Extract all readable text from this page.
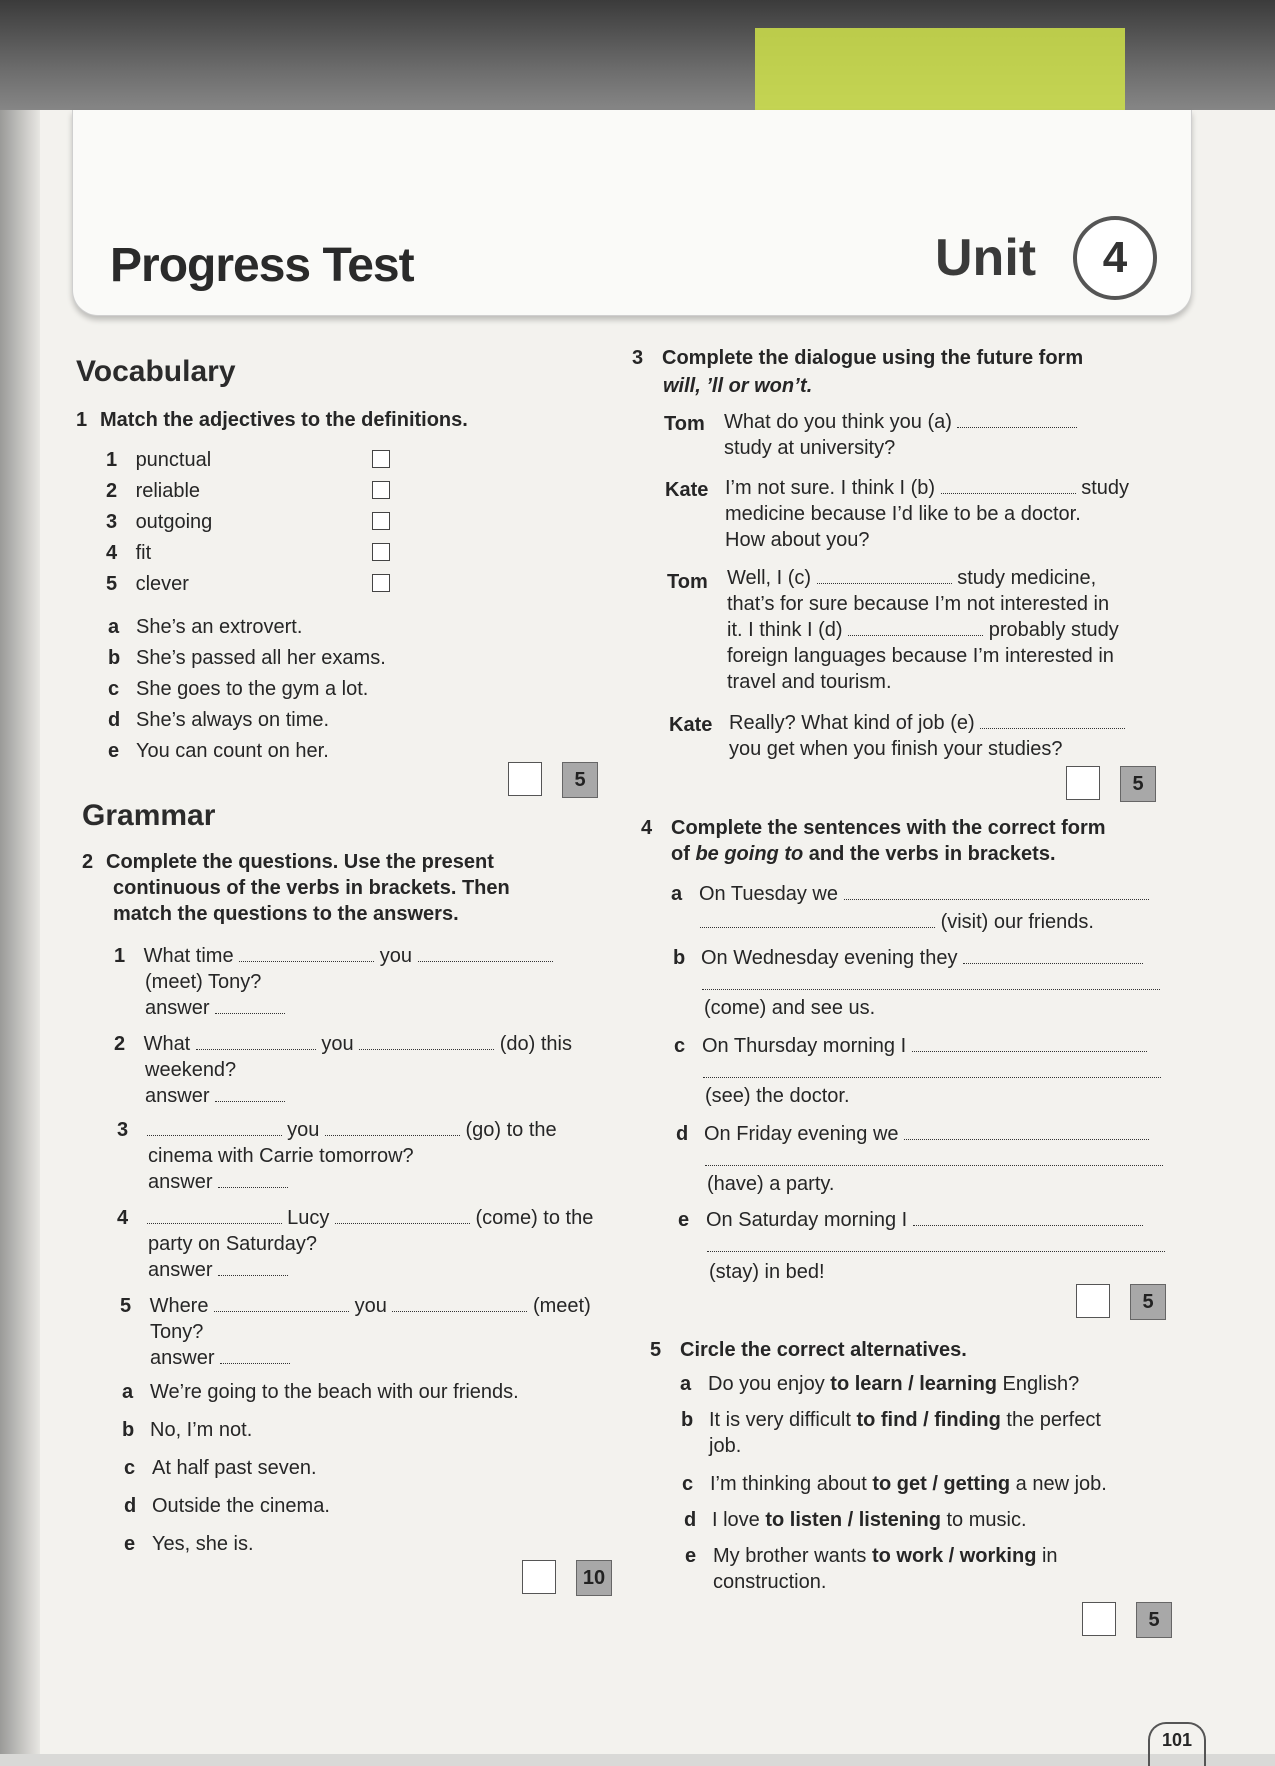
Progress Test	Unit	4
Vocabulary
1 Match the adjectives to the definitions.
1 punctual
2 reliable
3 outgoing
4 fit
5 clever
a She’s an extrovert.
b She’s passed all her exams.
c She goes to the gym a lot.
d She’s always on time.
e You can count on her.
5
Grammar
2 Complete the questions. Use the present
continuous of the verbs in brackets. Then
match the questions to the answers.
1 What time	you
(meet) Tony?
answer
2 What	you	(do) this
weekend?
answer
3	you	(go) to the
cinema with Carrie tomorrow?
answer
4	Lucy	(come) to the
party on Saturday?
answer
5 Where	you	(meet)
Tony?
answer
a We’re going to the beach with our friends.
b No, I’m not.
c At half past seven.
d Outside the cinema.
e Yes, she is.
10
3 Complete the dialogue using the future form
will, ’ll or won’t.
Tom What do you think you (a)
study at university?
Kate I’m not sure. I think I (b)	study
medicine because I’d like to be a doctor.
How about you?
Tom Well, I (c)	study medicine,
that’s for sure because I’m not interested in
it. I think I (d)	probably study
foreign languages because I’m interested in
travel and tourism.
Kate Really? What kind of job (e)
you get when you finish your studies?
5
4 Complete the sentences with the correct form
of be going to and the verbs in brackets.
a On Tuesday we
(visit) our friends.
b On Wednesday evening they
(come) and see us.
c On Thursday morning I
(see) the doctor.
d On Friday evening we
(have) a party.
e On Saturday morning I
(stay) in bed!
5
5 Circle the correct alternatives.
a Do you enjoy to learn / learning English?
b It is very difficult to find / finding the perfect
job.
c I’m thinking about to get / getting a new job.
d I love to listen / listening to music.
e My brother wants to work / working in
construction.
5
101
